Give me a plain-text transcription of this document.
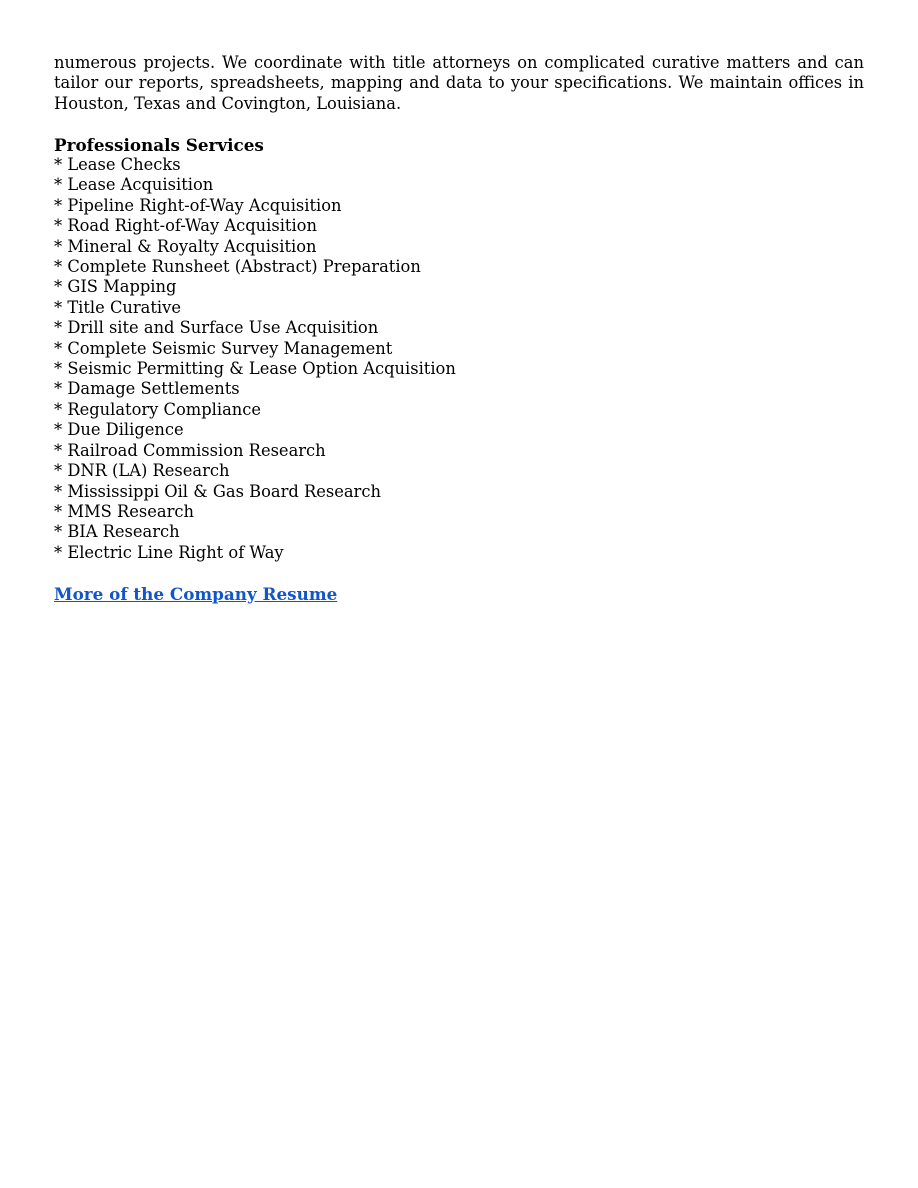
numerous projects. We coordinate with title attorneys on complicated curative matters and can tailor our reports, spreadsheets, mapping and data to your specifications. We maintain offices in Houston, Texas and Covington, Louisiana.

Professionals Services
* Lease Checks
* Lease Acquisition
* Pipeline Right-of-Way Acquisition
* Road Right-of-Way Acquisition
* Mineral & Royalty Acquisition
* Complete Runsheet (Abstract) Preparation
* GIS Mapping
* Title Curative
* Drill site and Surface Use Acquisition
* Complete Seismic Survey Management
* Seismic Permitting & Lease Option Acquisition
* Damage Settlements
* Regulatory Compliance
* Due Diligence
* Railroad Commission Research
* DNR (LA) Research
* Mississippi Oil & Gas Board Research
* MMS Research
* BIA Research
* Electric Line Right of Way
More of the Company Resume
